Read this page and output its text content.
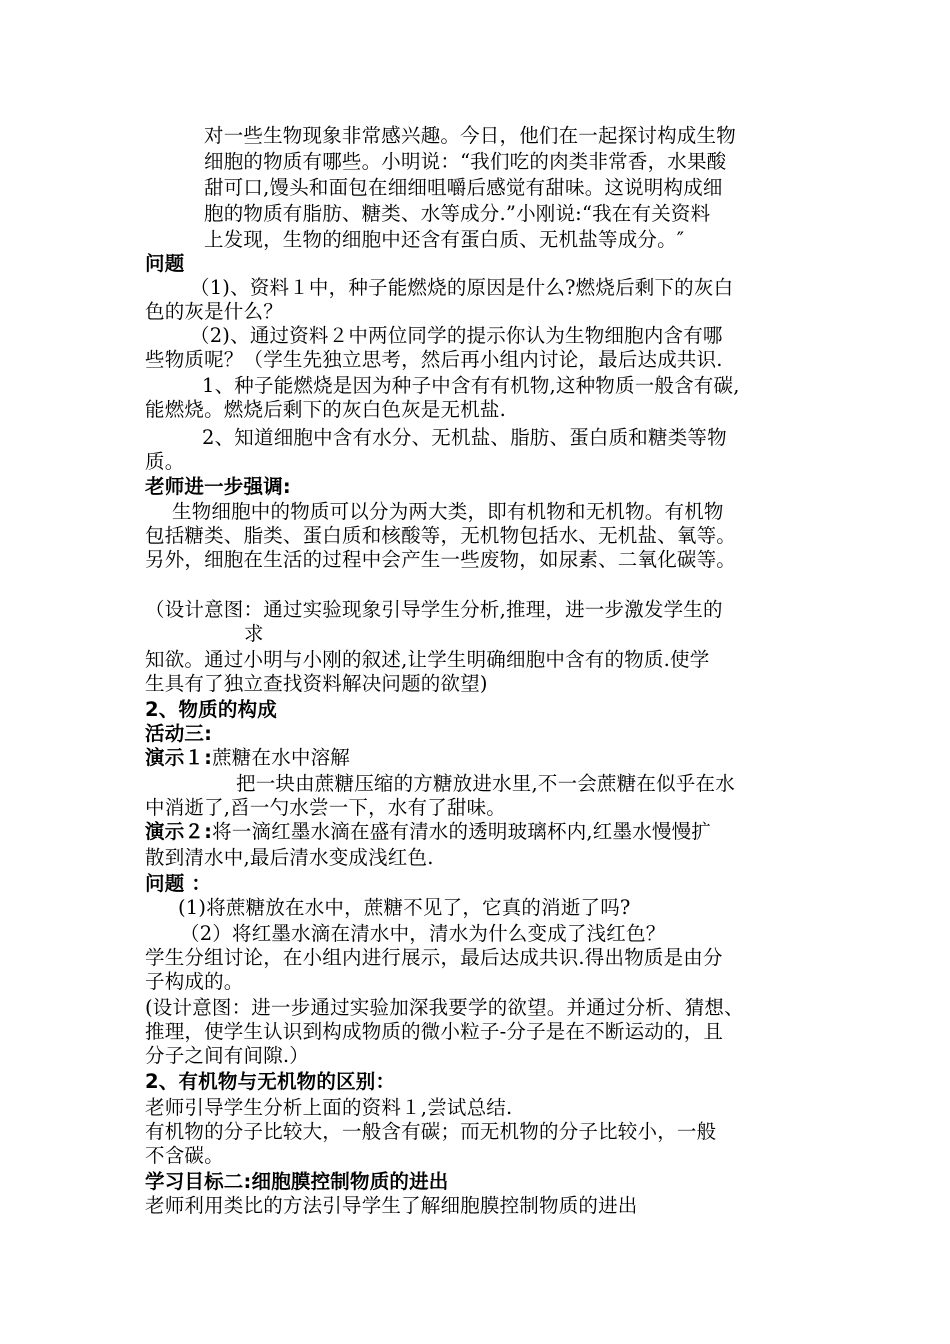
对一些生物现象非常感兴趣。今日，他们在一起探讨构成生物
细胞的物质有哪些。小明说：“我们吃的肉类非常香，水果酸
甜可口,馒头和面包在细细咀嚼后感觉有甜味。这说明构成细
胞的物质有脂肪、糖类、水等成分.”小刚说:“我在有关资料
上发现，生物的细胞中还含有蛋白质、无机盐等成分。″
问题
（1)、资料１中，种子能燃烧的原因是什么?燃烧后剩下的灰白
色的灰是什么？
（2)、通过资料２中两位同学的提示你认为生物细胞内含有哪
些物质呢？（学生先独立思考，然后再小组内讨论，最后达成共识.
1、种子能燃烧是因为种子中含有有机物,这种物质一般含有碳,
能燃烧。燃烧后剩下的灰白色灰是无机盐.
2、知道细胞中含有水分、无机盐、脂肪、蛋白质和糖类等物
质。
老师进一步强调:
生物细胞中的物质可以分为两大类，即有机物和无机物。有机物
包括糖类、脂类、蛋白质和核酸等，无机物包括水、无机盐、氧等。
另外，细胞在生活的过程中会产生一些废物，如尿素、二氧化碳等。
（设计意图：通过实验现象引导学生分析,推理，进一步激发学生的
求
知欲。通过小明与小刚的叙述,让学生明确细胞中含有的物质.使学
生具有了独立查找资料解决问题的欲望)
2、物质的构成
活动三:
演示１:蔗糖在水中溶解
把一块由蔗糖压缩的方糖放进水里,不一会蔗糖在似乎在水
中消逝了,舀一勺水尝一下，水有了甜味。
演示２:将一滴红墨水滴在盛有清水的透明玻璃杯内,红墨水慢慢扩
散到清水中,最后清水变成浅红色.
问题 ：
(1)将蔗糖放在水中，蔗糖不见了，它真的消逝了吗?
（2）将红墨水滴在清水中，清水为什么变成了浅红色？
学生分组讨论，在小组内进行展示，最后达成共识.得出物质是由分
子构成的。
(设计意图：进一步通过实验加深我要学的欲望。并通过分析、猜想、
推理，使学生认识到构成物质的微小粒子-分子是在不断运动的，且
分子之间有间隙.）
2、有机物与无机物的区别：
老师引导学生分析上面的资料１,尝试总结.
有机物的分子比较大，一般含有碳；而无机物的分子比较小，一般
不含碳。
学习目标二:细胞膜控制物质的进出
老师利用类比的方法引导学生了解细胞膜控制物质的进出
